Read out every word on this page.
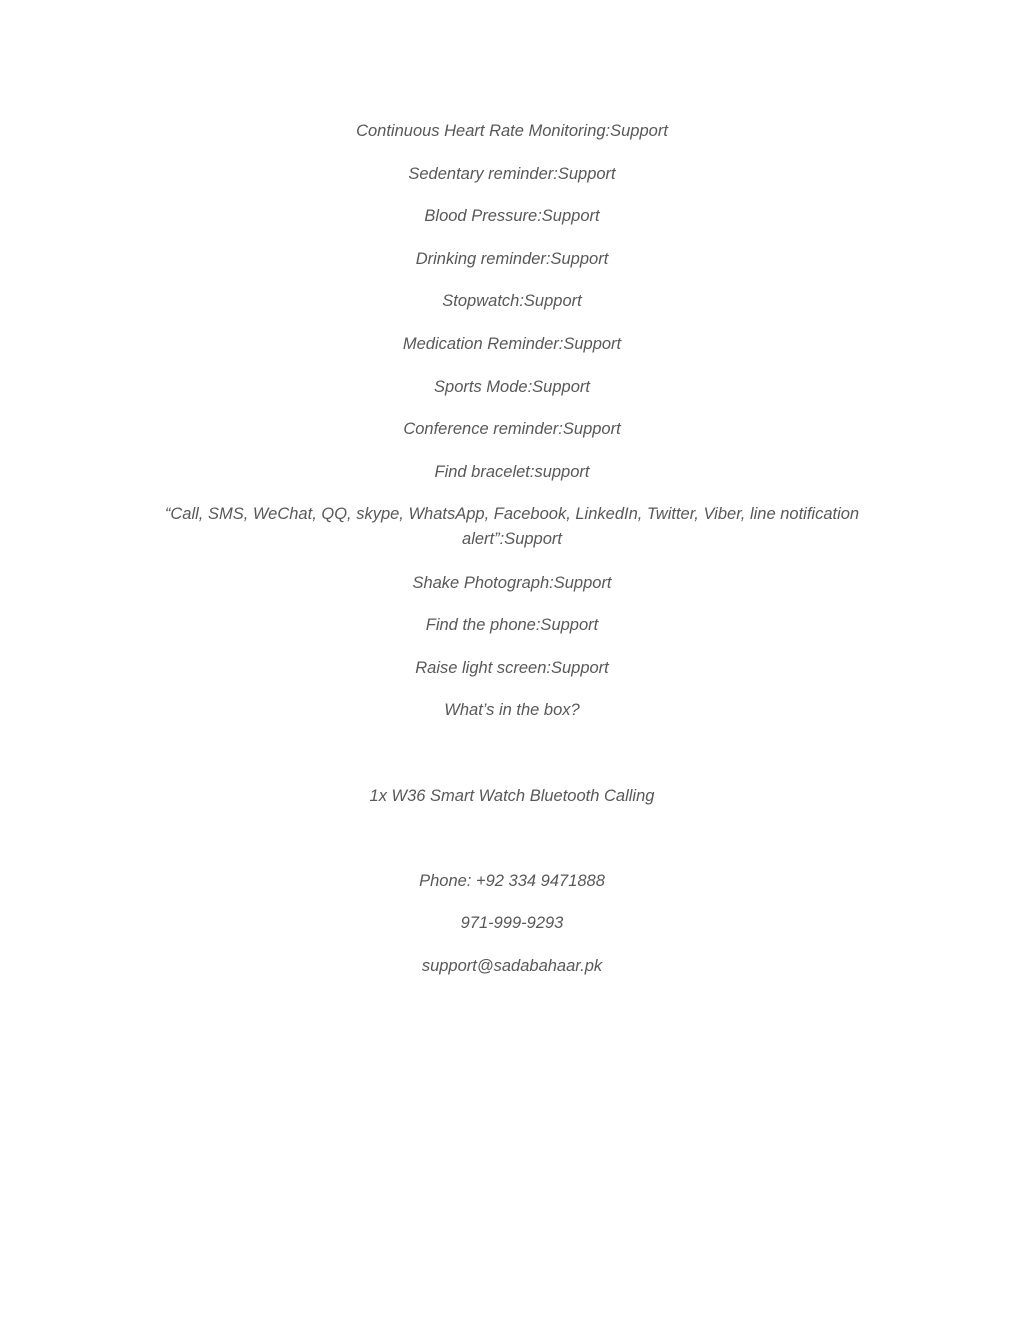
Continuous Heart Rate Monitoring:Support
Sedentary reminder:Support
Blood Pressure:Support
Drinking reminder:Support
Stopwatch:Support
Medication Reminder:Support
Sports Mode:Support
Conference reminder:Support
Find bracelet:support
“Call, SMS, WeChat, QQ, skype, WhatsApp, Facebook, LinkedIn, Twitter, Viber, line notification alert”:Support
Shake Photograph:Support
Find the phone:Support
Raise light screen:Support
What’s in the box?
1x W36 Smart Watch Bluetooth Calling
Phone: +92 334 9471888
971-999-9293
support@sadabahaar.pk
